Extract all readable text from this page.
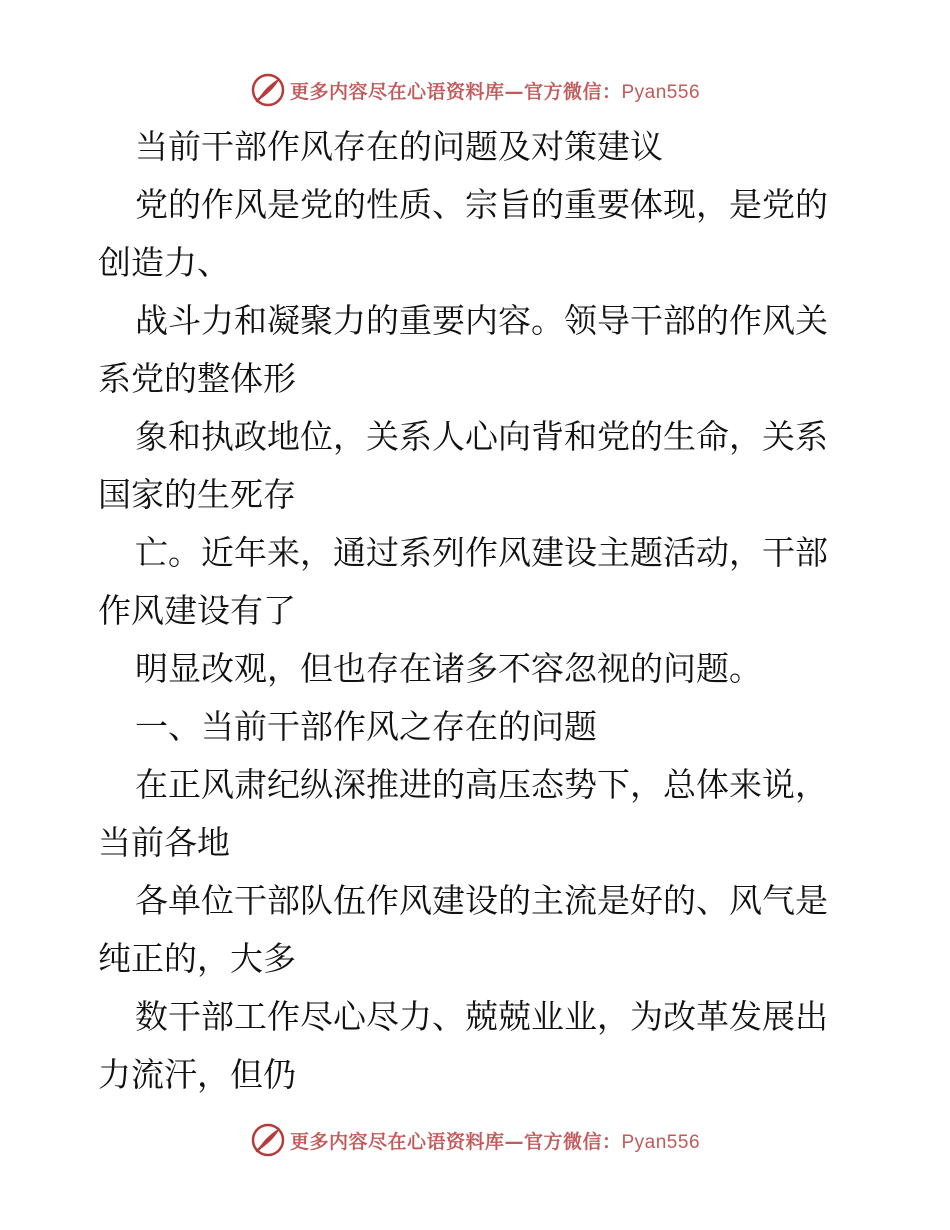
更多内容尽在心语资料库—官方微信：Pyan556
当前干部作风存在的问题及对策建议
党的作风是党的性质、宗旨的重要体现，是党的
创造力、
战斗力和凝聚力的重要内容。领导干部的作风关
系党的整体形
象和执政地位，关系人心向背和党的生命，关系
国家的生死存
亡。近年来，通过系列作风建设主题活动，干部
作风建设有了
明显改观，但也存在诸多不容忽视的问题。
一、当前干部作风之存在的问题
在正风肃纪纵深推进的高压态势下，总体来说，
当前各地
各单位干部队伍作风建设的主流是好的、风气是
纯正的，大多
数干部工作尽心尽力、兢兢业业，为改革发展出
力流汗，但仍
更多内容尽在心语资料库—官方微信：Pyan556
